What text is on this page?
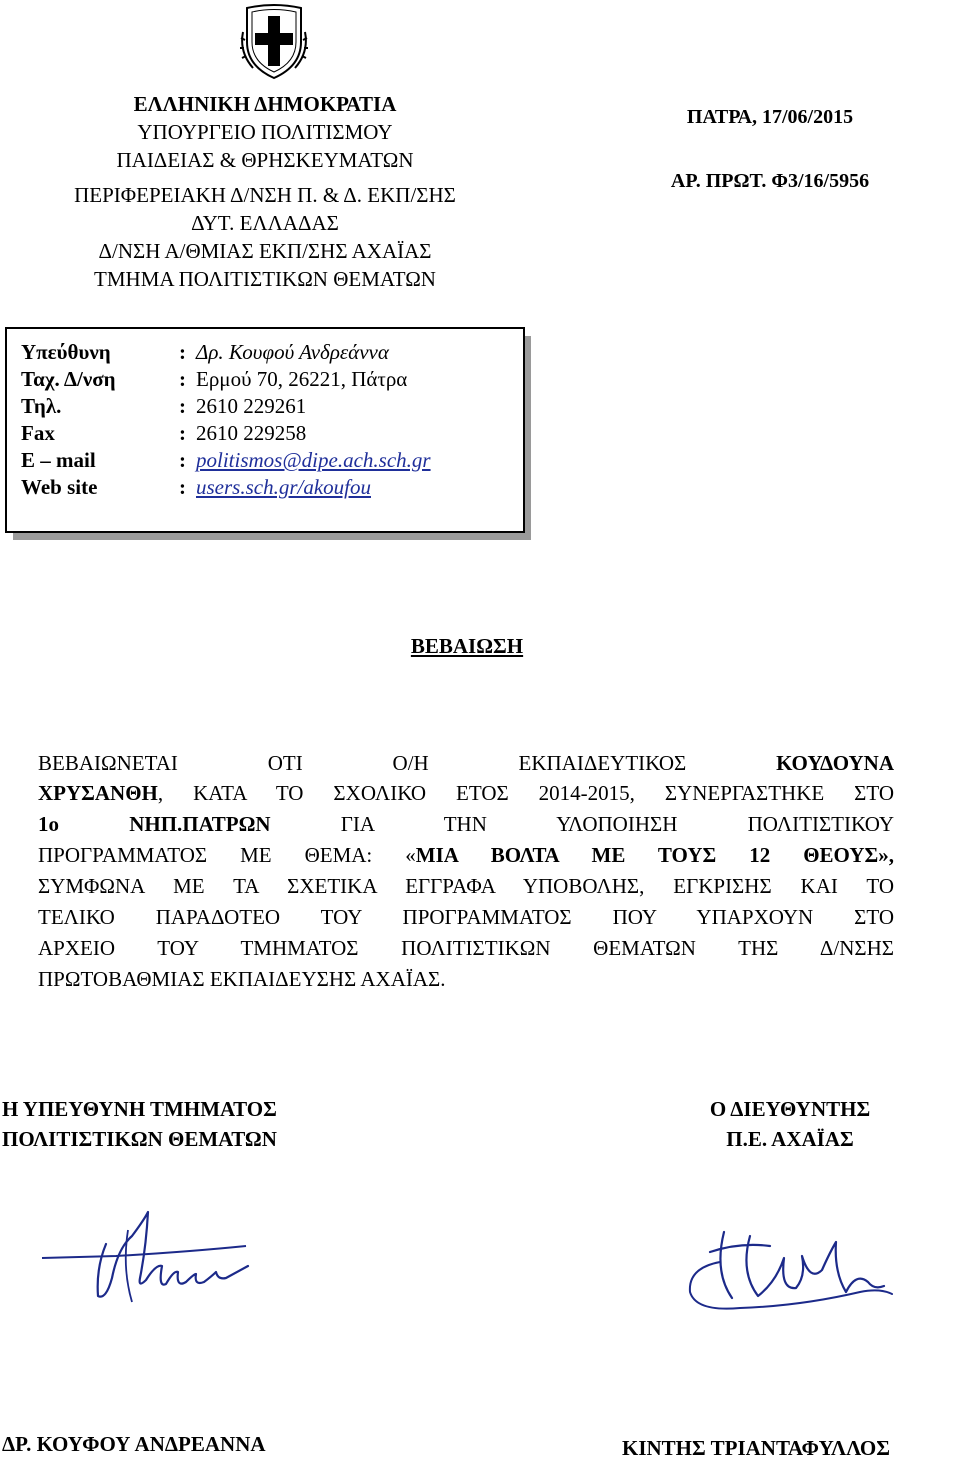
ΕΛΛΗΝΙΚΗ ΔΗΜΟΚΡΑΤΙΑ
ΥΠΟΥΡΓΕΙΟ ΠΟΛΙΤΙΣΜΟΥ
ΠΑΙΔΕΙΑΣ & ΘΡΗΣΚΕΥΜΑΤΩΝ
ΠΕΡΙΦΕΡΕΙΑΚΗ Δ/ΝΣΗ Π. & Δ. ΕΚΠ/ΣΗΣ
ΔΥΤ. ΕΛΛΑΔΑΣ
Δ/ΝΣΗ Α/ΘΜΙΑΣ ΕΚΠ/ΣΗΣ ΑΧΑΪΑΣ
ΤΜΗΜΑ ΠΟΛΙΤΙΣΤΙΚΩΝ ΘΕΜΑΤΩΝ
ΠΑΤΡΑ, 17/06/2015
ΑΡ. ΠΡΩΤ. Φ3/16/5956
Υπεύθυνη	: Δρ. Κουφού Ανδρεάννα
Ταχ. Δ/νση	: Ερμού 70, 26221, Πάτρα
Τηλ.	: 2610 229261
Fax	: 2610 229258
E – mail	: politismos@dipe.ach.sch.gr
Web site	: users.sch.gr/akoufou
ΒΕΒΑΙΩΣΗ
ΒΕΒΑΙΩΝΕΤΑΙ ΟΤΙ Ο/Η ΕΚΠΑΙΔΕΥΤΙΚΟΣ ΚΟΥΔΟΥΝΑ
ΧΡΥΣΑΝΘΗ, ΚΑΤΑ ΤΟ ΣΧΟΛΙΚΟ ΕΤΟΣ 2014-2015, ΣΥΝΕΡΓΑΣΤΗΚΕ ΣΤΟ
1ο ΝΗΠ.ΠΑΤΡΩΝ ΓΙΑ ΤΗΝ ΥΛΟΠΟΙΗΣΗ ΠΟΛΙΤΙΣΤΙΚΟΥ
ΠΡΟΓΡΑΜΜΑΤΟΣ ΜΕ ΘΕΜΑ: «ΜΙΑ ΒΟΛΤΑ ΜΕ ΤΟΥΣ 12 ΘΕΟΥΣ»,
ΣΥΜΦΩΝΑ ΜΕ ΤΑ ΣΧΕΤΙΚΑ ΕΓΓΡΑΦΑ ΥΠΟΒΟΛΗΣ, ΕΓΚΡΙΣΗΣ ΚΑΙ ΤΟ
ΤΕΛΙΚΟ ΠΑΡΑΔΟΤΕΟ ΤΟΥ ΠΡΟΓΡΑΜΜΑΤΟΣ ΠΟΥ ΥΠΑΡΧΟΥΝ ΣΤΟ
ΑΡΧΕΙΟ ΤΟΥ ΤΜΗΜΑΤΟΣ ΠΟΛΙΤΙΣΤΙΚΩΝ ΘΕΜΑΤΩΝ ΤΗΣ Δ/ΝΣΗΣ
ΠΡΩΤΟΒΑΘΜΙΑΣ ΕΚΠΑΙΔΕΥΣΗΣ ΑΧΑΪΑΣ.
Η ΥΠΕΥΘΥΝΗ ΤΜΗΜΑΤΟΣ
ΠΟΛΙΤΙΣΤΙΚΩΝ ΘΕΜΑΤΩΝ
Ο ΔΙΕΥΘΥΝΤΗΣ
Π.Ε. ΑΧΑΪΑΣ
ΔΡ. ΚΟΥΦΟΥ ΑΝΔΡΕΑΝΝΑ	ΚΙΝΤΗΣ ΤΡΙΑΝΤΑΦΥΛΛΟΣ
